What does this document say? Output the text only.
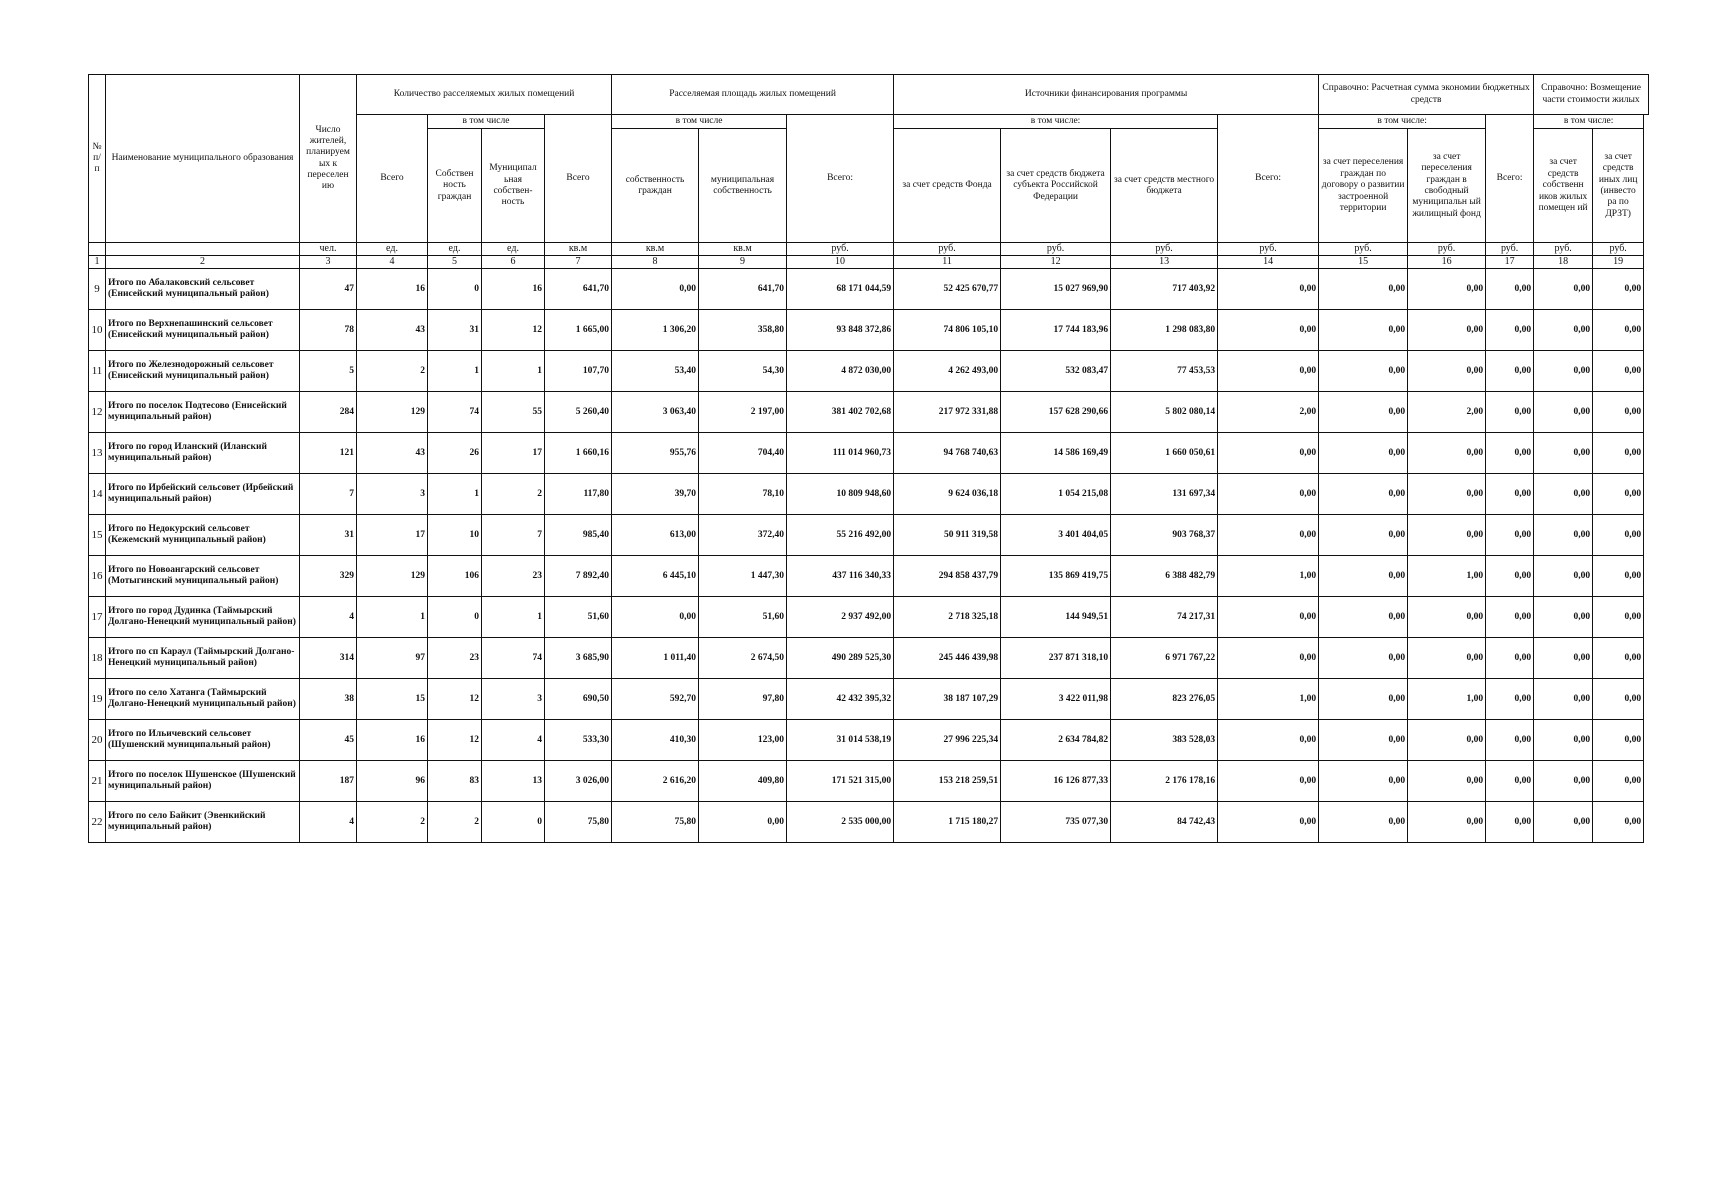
№ п/ п	Наименование муниципального образования	Число жителей, планируем ых к переселен ию	Количество расселяемых жилых помещений				Расселяемая площадь жилых помещений			Источники финансирования программы				Справочно: Расчетная сумма экономии бюджетных средств			Справочно: Возмещение части стоимости жилых	
			Всего	в том числе		Всего	в том числе		Всего:	в том числе:			Всего:	в том числе:		Всего:	в том числе:	
				Собствен ность граждан	Муниципал ьная собствен- ность		собственность граждан	муниципальная собственность		за счет средств Фонда	за счет средств бюджета субъекта Российской Федерации	за счет средств местного бюджета		за счет переселения граждан по договору о развитии застроенной территории	за счет переселения граждан в свободный муниципальн ый жилищный фонд		за счет средств собственн иков жилых помещен ий	за счет средств иных лиц (инвесто ра по ДРЗТ)
		чел.	ед.	ед.	ед.	кв.м	кв.м	кв.м	руб.	руб.	руб.	руб.	руб.	руб.	руб.	руб.	руб.	руб.
1	2	3	4	5	6	7	8	9	10	11	12	13	14	15	16	17	18	19
9	Итого по Абалаковский сельсовет (Енисейский муниципальный район)	47	16	0	16	641,70	0,00	641,70	68 171 044,59	52 425 670,77	15 027 969,90	717 403,92	0,00	0,00	0,00	0,00	0,00	0,00
10	Итого по Верхнепашинский сельсовет (Енисейский муниципальный район)	78	43	31	12	1 665,00	1 306,20	358,80	93 848 372,86	74 806 105,10	17 744 183,96	1 298 083,80	0,00	0,00	0,00	0,00	0,00	0,00
11	Итого по Железнодорожный сельсовет (Енисейский муниципальный район)	5	2	1	1	107,70	53,40	54,30	4 872 030,00	4 262 493,00	532 083,47	77 453,53	0,00	0,00	0,00	0,00	0,00	0,00
12	Итого по поселок Подтесово (Енисейский муниципальный район)	284	129	74	55	5 260,40	3 063,40	2 197,00	381 402 702,68	217 972 331,88	157 628 290,66	5 802 080,14	2,00	0,00	2,00	0,00	0,00	0,00
13	Итого по город Иланский (Иланский муниципальный район)	121	43	26	17	1 660,16	955,76	704,40	111 014 960,73	94 768 740,63	14 586 169,49	1 660 050,61	0,00	0,00	0,00	0,00	0,00	0,00
14	Итого по Ирбейский сельсовет (Ирбейский муниципальный район)	7	3	1	2	117,80	39,70	78,10	10 809 948,60	9 624 036,18	1 054 215,08	131 697,34	0,00	0,00	0,00	0,00	0,00	0,00
15	Итого по Недокурский сельсовет (Кежемский муниципальный район)	31	17	10	7	985,40	613,00	372,40	55 216 492,00	50 911 319,58	3 401 404,05	903 768,37	0,00	0,00	0,00	0,00	0,00	0,00
16	Итого по Новоангарский сельсовет (Мотыгинский муниципальный район)	329	129	106	23	7 892,40	6 445,10	1 447,30	437 116 340,33	294 858 437,79	135 869 419,75	6 388 482,79	1,00	0,00	1,00	0,00	0,00	0,00
17	Итого по город Дудинка (Таймырский Долгано-Ненецкий муниципальный район)	4	1	0	1	51,60	0,00	51,60	2 937 492,00	2 718 325,18	144 949,51	74 217,31	0,00	0,00	0,00	0,00	0,00	0,00
18	Итого по сп Караул (Таймырский Долгано-Ненецкий муниципальный район)	314	97	23	74	3 685,90	1 011,40	2 674,50	490 289 525,30	245 446 439,98	237 871 318,10	6 971 767,22	0,00	0,00	0,00	0,00	0,00	0,00
19	Итого по село Хатанга (Таймырский Долгано-Ненецкий муниципальный район)	38	15	12	3	690,50	592,70	97,80	42 432 395,32	38 187 107,29	3 422 011,98	823 276,05	1,00	0,00	1,00	0,00	0,00	0,00
20	Итого по Ильичевский сельсовет (Шушенский муниципальный район)	45	16	12	4	533,30	410,30	123,00	31 014 538,19	27 996 225,34	2 634 784,82	383 528,03	0,00	0,00	0,00	0,00	0,00	0,00
21	Итого по поселок Шушенское (Шушенский муниципальный район)	187	96	83	13	3 026,00	2 616,20	409,80	171 521 315,00	153 218 259,51	16 126 877,33	2 176 178,16	0,00	0,00	0,00	0,00	0,00	0,00
22	Итого по село Байкит (Эвенкийский муниципальный район)	4	2	2	0	75,80	75,80	0,00	2 535 000,00	1 715 180,27	735 077,30	84 742,43	0,00	0,00	0,00	0,00	0,00	0,00
